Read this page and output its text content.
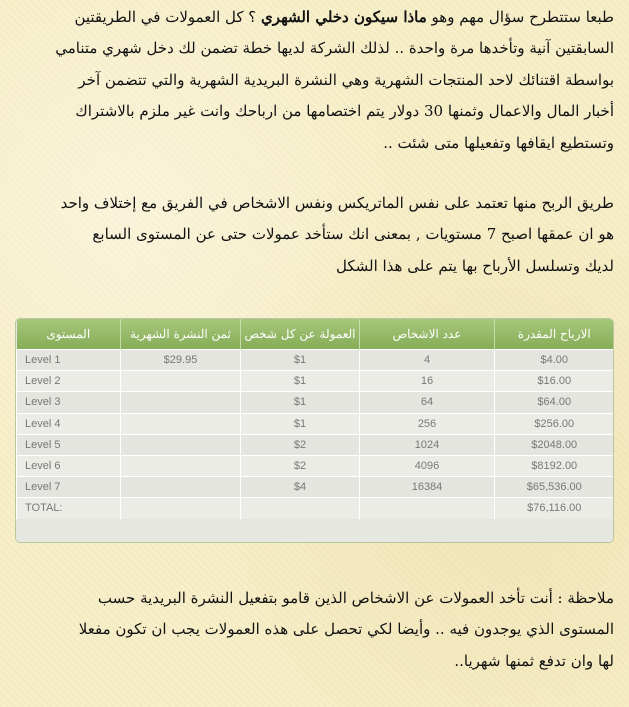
طبعا ستتطرح سؤال مهم وهو ماذا سيكون دخلي الشهري ؟ كل العمولات في الطريقتين
السابقتين آنية وتأخدها مرة واحدة .. لذلك الشركة لديها خطة تضمن لك دخل شهري متنامي
بواسطة اقتنائك لاحد المنتجات الشهرية وهي النشرة البريدية الشهرية والتي تتضمن آخر
أخبار المال والاعمال وثمنها 30 دولار يتم اختصامها من ارباحك وانت غير ملزم بالاشتراك
وتستطيع ايقافها وتفعيلها متى شئت ..
طريق الربح منها تعتمد على نفس الماتريكس ونفس الاشخاص في الفريق مع إختلاف واحد
هو ان عمقها اصبح 7 مستويات , بمعنى انك ستأخد عمولات حتى عن المستوى السابع
لديك وتسلسل الأرباح بها يتم على هذا الشكل
الارباح المقدرة	عدد الاشخاص	العمولة عن كل شخص	ثمن النشرة الشهرية	المستوى
$4.00	4	$1	$29.95	Level 1
$16.00	16	$1		Level 2
$64.00	64	$1		Level 3
$256.00	256	$1		Level 4
$2048.00	1024	$2		Level 5
$8192.00	4096	$2		Level 6
$65,536.00	16384	$4		Level 7
$76,116.00				TOTAL:
ملاحظة : أنت تأخد العمولات عن الاشخاص الذين قامو بتفعيل النشرة البريدية حسب
المستوى الذي يوجدون فيه .. وأيضا لكي تحصل على هذه العمولات يجب ان تكون مفعلا
لها وان تدفع ثمنها شهريا..
